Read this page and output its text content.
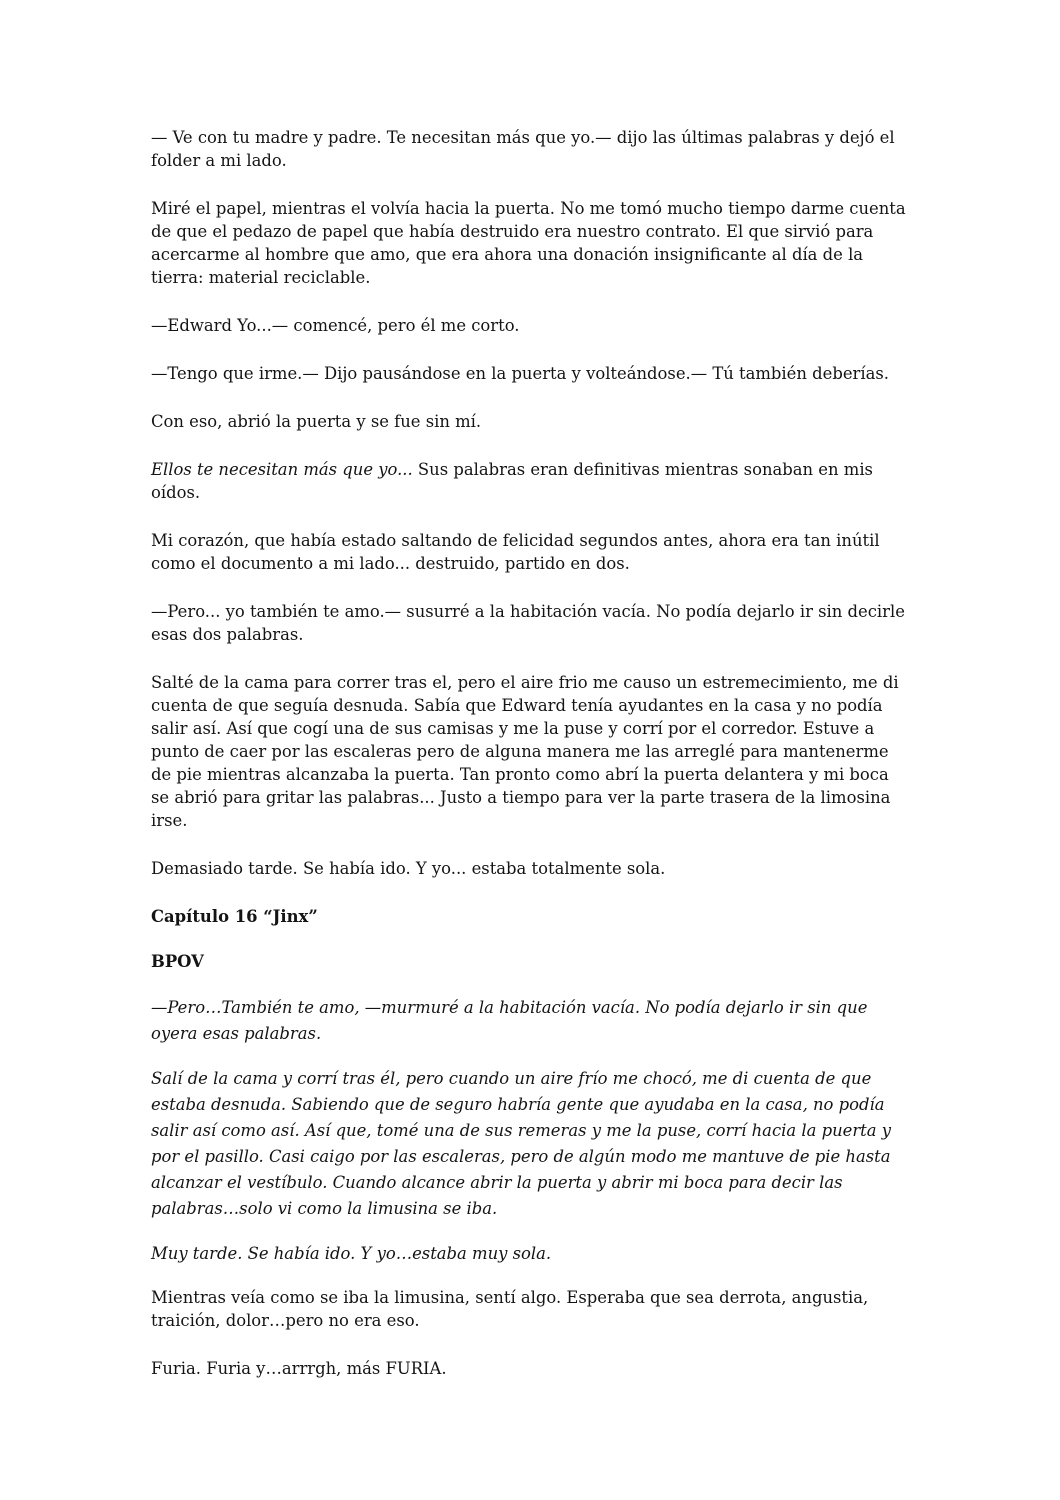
— Ve con tu madre y padre. Te necesitan más que yo.— dijo las últimas palabras y dejó el folder a mi lado.

Miré el papel, mientras el volvía hacia la puerta. No me tomó mucho tiempo darme cuenta de que el pedazo de papel que había destruido era nuestro contrato. El que sirvió para acercarme al hombre que amo, que era ahora una donación insignificante al día de la tierra: material reciclable.

—Edward Yo...— comencé, pero él me corto.

—Tengo que irme.— Dijo pausándose en la puerta y volteándose.— Tú también deberías.

Con eso, abrió la puerta y se fue sin mí.

Ellos te necesitan más que yo... Sus palabras eran definitivas mientras sonaban en mis oídos.

Mi corazón, que había estado saltando de felicidad segundos antes, ahora era tan inútil como el documento a mi lado... destruido, partido en dos.

—Pero... yo también te amo.— susurré a la habitación vacía. No podía dejarlo ir sin decirle esas dos palabras.

Salté de la cama para correr tras el, pero el aire frio me causo un estremecimiento, me di cuenta de que seguía desnuda. Sabía que Edward tenía ayudantes en la casa y no podía salir así. Así que cogí una de sus camisas y me la puse y corrí por el corredor. Estuve a punto de caer por las escaleras pero de alguna manera me las arreglé para mantenerme de pie mientras alcanzaba la puerta. Tan pronto como abrí la puerta delantera y mi boca se abrió para gritar las palabras... Justo a tiempo para ver la parte trasera de la limosina irse.

Demasiado tarde. Se había ido. Y yo... estaba totalmente sola.

Capítulo 16 “Jinx”

BPOV

—Pero…También te amo, —murmuré a la habitación vacía. No podía dejarlo ir sin que oyera esas palabras.

Salí de la cama y corrí tras él, pero cuando un aire frío me chocó, me di cuenta de que estaba desnuda. Sabiendo que de seguro habría gente que ayudaba en la casa, no podía salir así como así. Así que, tomé una de sus remeras y me la puse, corrí hacia la puerta y por el pasillo. Casi caigo por las escaleras, pero de algún modo me mantuve de pie hasta alcanzar el vestíbulo. Cuando alcance abrir la puerta y abrir mi boca para decir las palabras…solo vi como la limusina se iba.

Muy tarde. Se había ido. Y yo…estaba muy sola.

Mientras veía como se iba la limusina, sentí algo. Esperaba que sea derrota, angustia, traición, dolor…pero no era eso.

Furia. Furia y…arrrgh, más FURIA.
